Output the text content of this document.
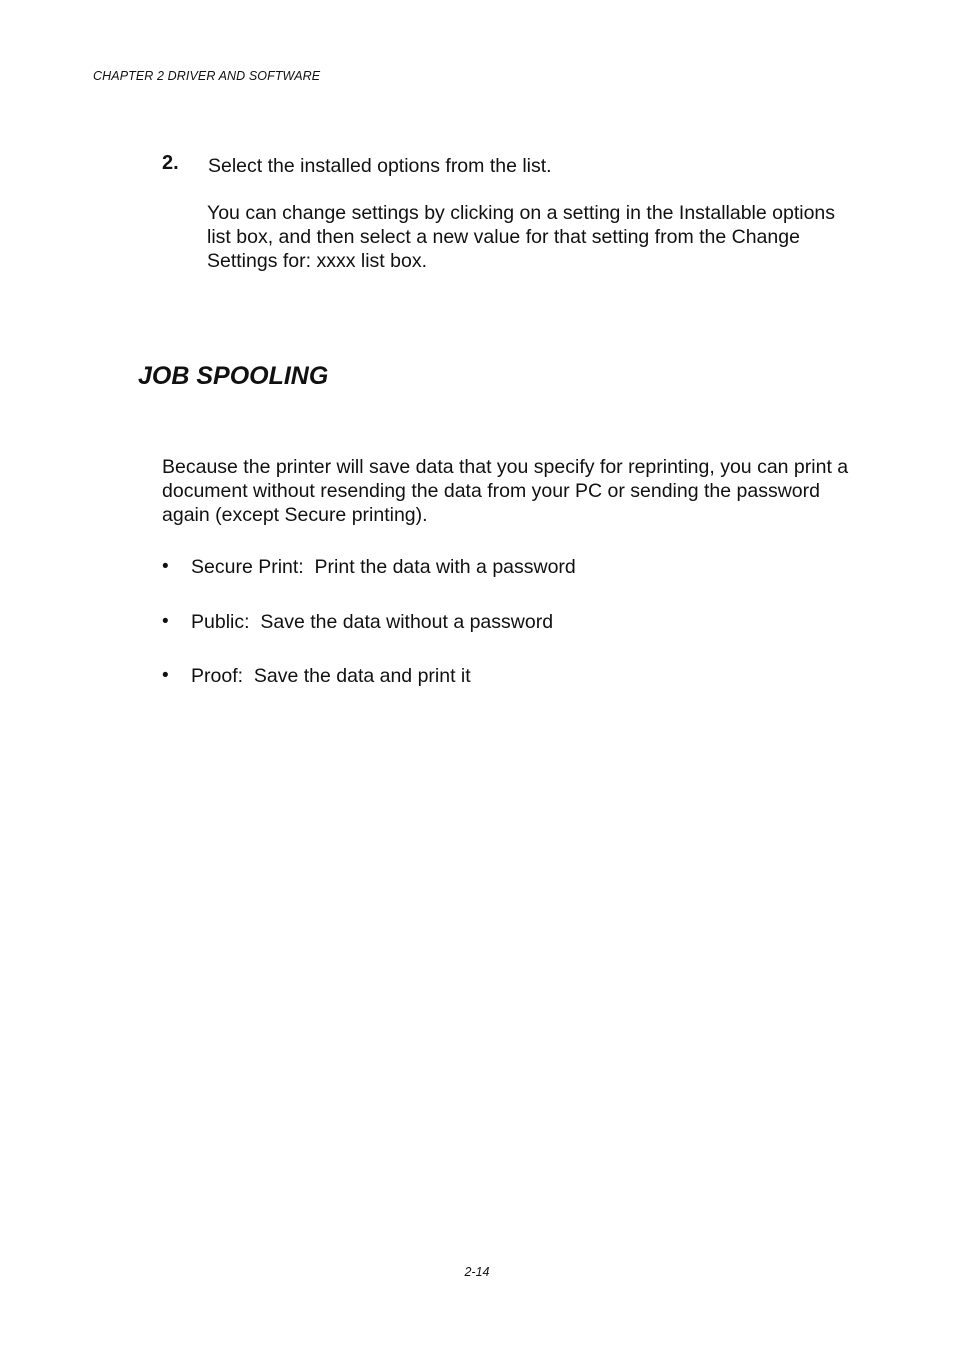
CHAPTER 2 DRIVER AND SOFTWARE
2. Select the installed options from the list.

You can change settings by clicking on a setting in the Installable options list box, and then select a new value for that setting from the Change Settings for: xxxx list box.

JOB SPOOLING

Because the printer will save data that you specify for reprinting, you can print a document without resending the data from your PC or sending the password again (except Secure printing).

•

Secure Print:  Print the data with a password

•

Public:  Save the data without a password

•

Proof:  Save the data and print it

2-14
